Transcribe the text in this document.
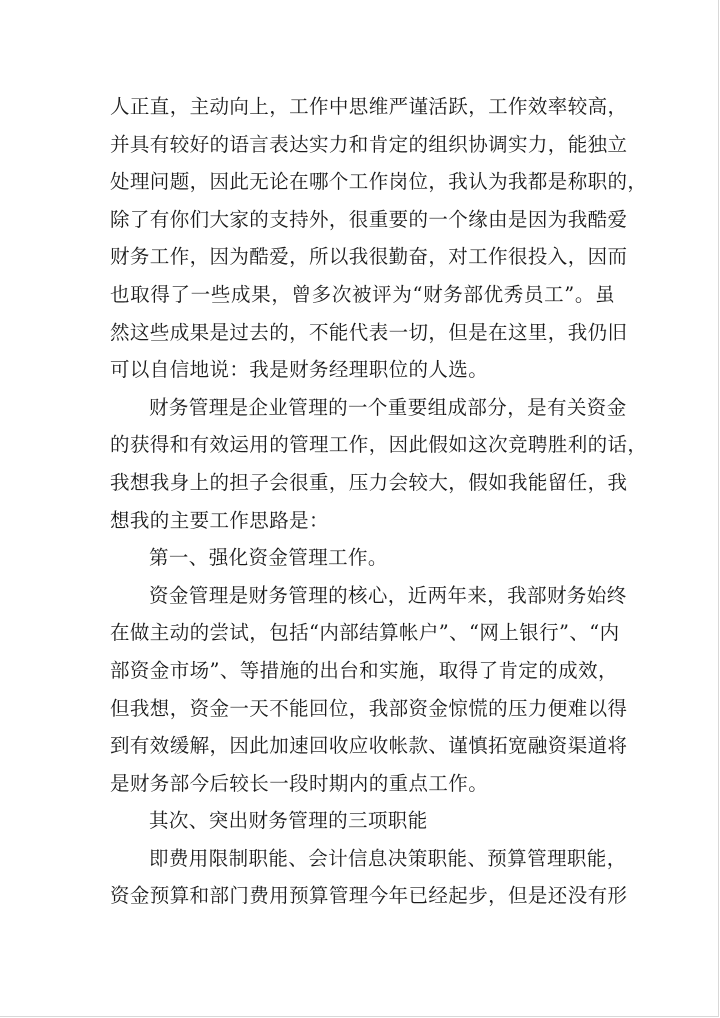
人正直，主动向上，工作中思维严谨活跃，工作效率较高，
并具有较好的语言表达实力和肯定的组织协调实力，能独立
处理问题，因此无论在哪个工作岗位，我认为我都是称职的，
除了有你们大家的支持外，很重要的一个缘由是因为我酷爱
财务工作，因为酷爱，所以我很勤奋，对工作很投入，因而
也取得了一些成果，曾多次被评为“财务部优秀员工”。虽
然这些成果是过去的，不能代表一切，但是在这里，我仍旧
可以自信地说：我是财务经理职位的人选。
财务管理是企业管理的一个重要组成部分，是有关资金
的获得和有效运用的管理工作，因此假如这次竞聘胜利的话，
我想我身上的担子会很重，压力会较大，假如我能留任，我
想我的主要工作思路是：
第一、强化资金管理工作。
资金管理是财务管理的核心，近两年来，我部财务始终
在做主动的尝试，包括“内部结算帐户”、“网上银行”、“内
部资金市场”、等措施的出台和实施，取得了肯定的成效，
但我想，资金一天不能回位，我部资金惊慌的压力便难以得
到有效缓解，因此加速回收应收帐款、谨慎拓宽融资渠道将
是财务部今后较长一段时期内的重点工作。
其次、突出财务管理的三项职能
即费用限制职能、会计信息决策职能、预算管理职能，
资金预算和部门费用预算管理今年已经起步，但是还没有形
